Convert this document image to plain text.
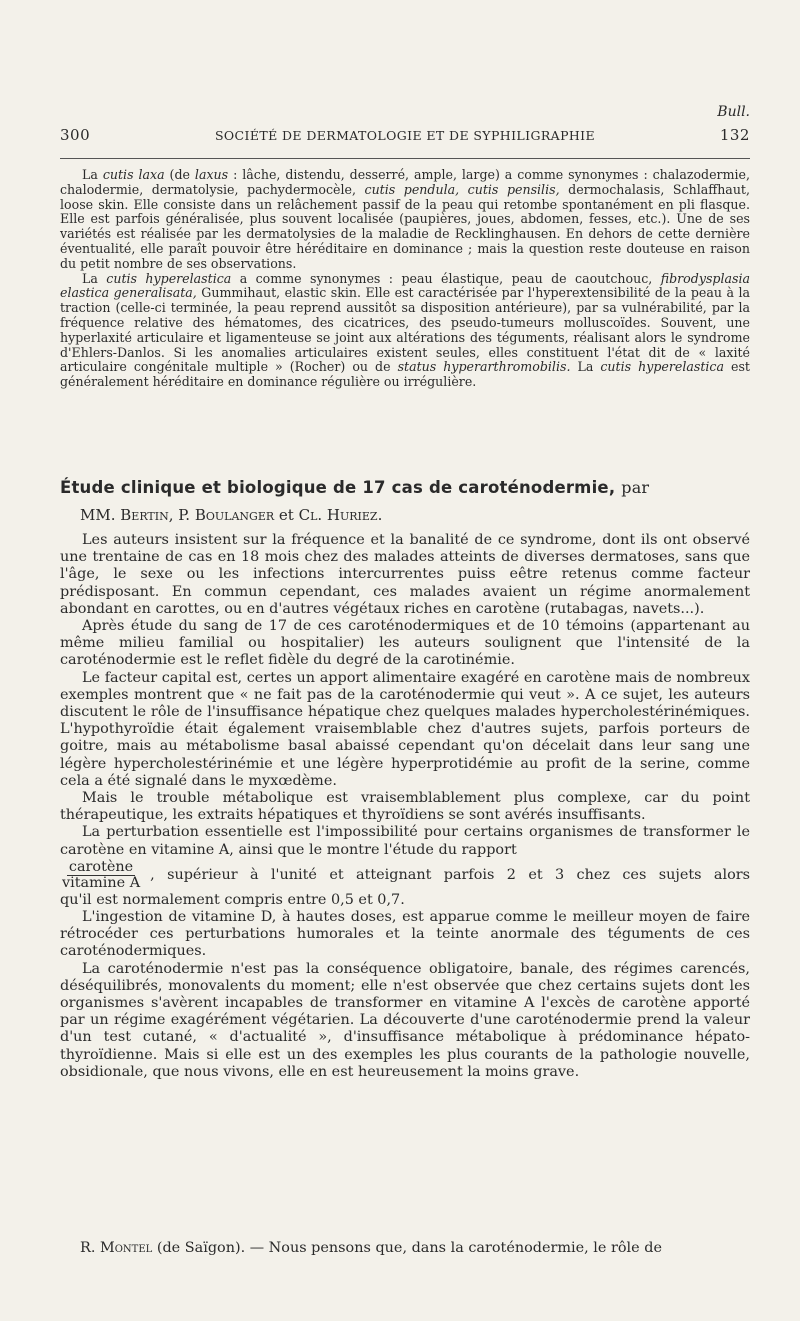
Bull.
300	SOCIÉTÉ DE DERMATOLOGIE ET DE SYPHILIGRAPHIE	132

La cutis laxa (de laxus : lâche, distendu, desserré, ample, large) a comme synonymes : chalazodermie, chalodermie, dermatolysie, pachydermocèle, cutis pendula, cutis pensilis, dermochalasis, Schlaffhaut, loose skin. Elle consiste dans un relâchement passif de la peau qui retombe spontanément en pli flasque. Elle est parfois généralisée, plus souvent localisée (paupières, joues, abdomen, fesses, etc.). Une de ses variétés est réalisée par les dermatolysies de la maladie de Recklinghausen. En dehors de cette dernière éventualité, elle paraît pouvoir être héréditaire en dominance ; mais la question reste douteuse en raison du petit nombre de ses observations.

La cutis hyperelastica a comme synonymes : peau élastique, peau de caoutchouc, fibrodysplasia elastica generalisata, Gummihaut, elastic skin. Elle est caractérisée par l'hyperextensibilité de la peau à la traction (celle-ci terminée, la peau reprend aussitôt sa disposition antérieure), par sa vulnérabilité, par la fréquence relative des hématomes, des cicatrices, des pseudo-tumeurs molluscoïdes. Souvent, une hyperlaxité articulaire et ligamenteuse se joint aux altérations des téguments, réalisant alors le syndrome d'Ehlers-Danlos. Si les anomalies articulaires existent seules, elles constituent l'état dit de « laxité articulaire congénitale multiple » (Rocher) ou de status hyperarthromobilis. La cutis hyperelastica est généralement héréditaire en dominance régulière ou irrégulière.

Étude clinique et biologique de 17 cas de caroténodermie, par
MM. Bertin, P. Boulanger et Cl. Huriez.

Les auteurs insistent sur la fréquence et la banalité de ce syndrome, dont ils ont observé une trentaine de cas en 18 mois chez des malades atteints de diverses dermatoses, sans que l'âge, le sexe ou les infections intercurrentes puiss eêtre retenus comme facteur prédisposant. En commun cependant, ces malades avaient un régime anormalement abondant en carottes, ou en d'autres végétaux riches en carotène (rutabagas, navets...).

Après étude du sang de 17 de ces caroténodermiques et de 10 témoins (appartenant au même milieu familial ou hospitalier) les auteurs soulignent que l'intensité de la caroténodermie est le reflet fidèle du degré de la carotinémie.

Le facteur capital est, certes un apport alimentaire exagéré en carotène mais de nombreux exemples montrent que « ne fait pas de la caroténodermie qui veut ». A ce sujet, les auteurs discutent le rôle de l'insuffisance hépatique chez quelques malades hypercholestérinémiques. L'hypothyroïdie était également vraisemblable chez d'autres sujets, parfois porteurs de goitre, mais au métabolisme basal abaissé cependant qu'on décelait dans leur sang une légère hypercholestérinémie et une légère hyperprotidémie au profit de la serine, comme cela a été signalé dans le myxœdème.

Mais le trouble métabolique est vraisemblablement plus complexe, car du point thérapeutique, les extraits hépatiques et thyroïdiens se sont avérés insuffisants.

La perturbation essentielle est l'impossibilité pour certains organismes de transformer le carotène en vitamine A, ainsi que le montre l'étude du rapport

$\frac{\text{carotène}}{\text{vitamine A}}$ , supérieur à l'unité et atteignant parfois 2 et 3 chez ces sujets alors
qu'il est normalement compris entre 0,5 et 0,7.

L'ingestion de vitamine D, à hautes doses, est apparue comme le meilleur moyen de faire rétrocéder ces perturbations humorales et la teinte anormale des téguments de ces caroténodermiques.

La caroténodermie n'est pas la conséquence obligatoire, banale, des régimes carencés, déséquilibrés, monovalents du moment; elle n'est observée que chez certains sujets dont les organismes s'avèrent incapables de transformer en vitamine A l'excès de carotène apporté par un régime exagérément végétarien. La découverte d'une caroténodermie prend la valeur d'un test cutané, « d'actualité », d'insuffisance métabolique à prédominance hépato-thyroïdienne. Mais si elle est un des exemples les plus courants de la pathologie nouvelle, obsidionale, que nous vivons, elle en est heureusement la moins grave.

R. Montel (de Saïgon). — Nous pensons que, dans la caroténodermie, le rôle de
